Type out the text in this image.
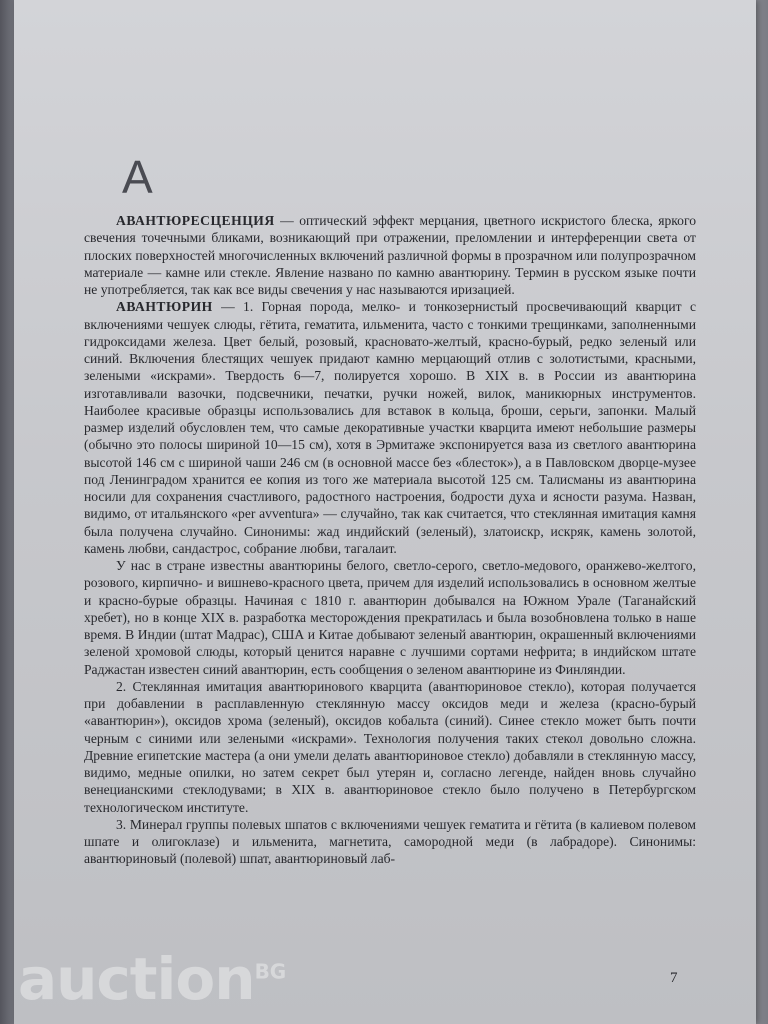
А

АВАНТЮРЕСЦЕНЦИЯ — оптический эффект мерцания, цветного искристого блеска, яркого свечения точечными бликами, возникающий при отражении, преломлении и интерференции света от плоских поверхностей многочисленных включений различной формы в прозрачном или полупрозрачном материале — камне или стекле. Явление названо по камню авантюрину. Термин в русском языке почти не употребляется, так как все виды свечения у нас называются иризацией.

АВАНТЮРИН — 1. Горная порода, мелко- и тонкозернистый просвечивающий кварцит с включениями чешуек слюды, гётита, гематита, ильменита, часто с тонкими трещинками, заполненными гидроксидами железа. Цвет белый, розовый, красновато-желтый, красно-бурый, редко зеленый или синий. Включения блестящих чешуек придают камню мерцающий отлив с золотистыми, красными, зелеными «искрами». Твердость 6—7, полируется хорошо. В XIX в. в России из авантюрина изготавливали вазочки, подсвечники, печатки, ручки ножей, вилок, маникюрных инструментов. Наиболее красивые образцы использовались для вставок в кольца, броши, серьги, запонки. Малый размер изделий обусловлен тем, что самые декоративные участки кварцита имеют небольшие размеры (обычно это полосы шириной 10—15 см), хотя в Эрмитаже экспонируется ваза из светлого авантюрина высотой 146 см с шириной чаши 246 см (в основной массе без «блесток»), а в Павловском дворце-музее под Ленинградом хранится ее копия из того же материала высотой 125 см. Талисманы из авантюрина носили для сохранения счастливого, радостного настроения, бодрости духа и ясности разума. Назван, видимо, от итальянского «per avventura» — случайно, так как считается, что стеклянная имитация камня была получена случайно. Синонимы: жад индийский (зеленый), златоискр, искряк, камень золотой, камень любви, сандастрос, собрание любви, тагалаит.

У нас в стране известны авантюрины белого, светло-серого, светло-медового, оранжево-желтого, розового, кирпично- и вишнево-красного цвета, причем для изделий использовались в основном желтые и красно-бурые образцы. Начиная с 1810 г. авантюрин добывался на Южном Урале (Таганайский хребет), но в конце XIX в. разработка месторождения прекратилась и была возобновлена только в наше время. В Индии (штат Мадрас), США и Китае добывают зеленый авантюрин, окрашенный включениями зеленой хромовой слюды, который ценится наравне с лучшими сортами нефрита; в индийском штате Раджастан известен синий авантюрин, есть сообщения о зеленом авантюрине из Финляндии.

2. Стеклянная имитация авантюринового кварцита (авантюриновое стекло), которая получается при добавлении в расплавленную стеклянную массу оксидов меди и железа (красно-бурый «авантюрин»), оксидов хрома (зеленый), оксидов кобальта (синий). Синее стекло может быть почти черным с синими или зелеными «искрами». Технология получения таких стекол довольно сложна. Древние египетские мастера (а они умели делать авантюриновое стекло) добавляли в стеклянную массу, видимо, медные опилки, но затем секрет был утерян и, согласно легенде, найден вновь случайно венецианскими стеклодувами; в XIX в. авантюриновое стекло было получено в Петербургском технологическом институте.

3. Минерал группы полевых шпатов с включениями чешуек гематита и гётита (в калиевом полевом шпате и олигоклазе) и ильменита, магнетита, самородной меди (в лабрадоре). Синонимы: авантюриновый (полевой) шпат, авантюриновый лаб-

7
auction$^{BG}$
